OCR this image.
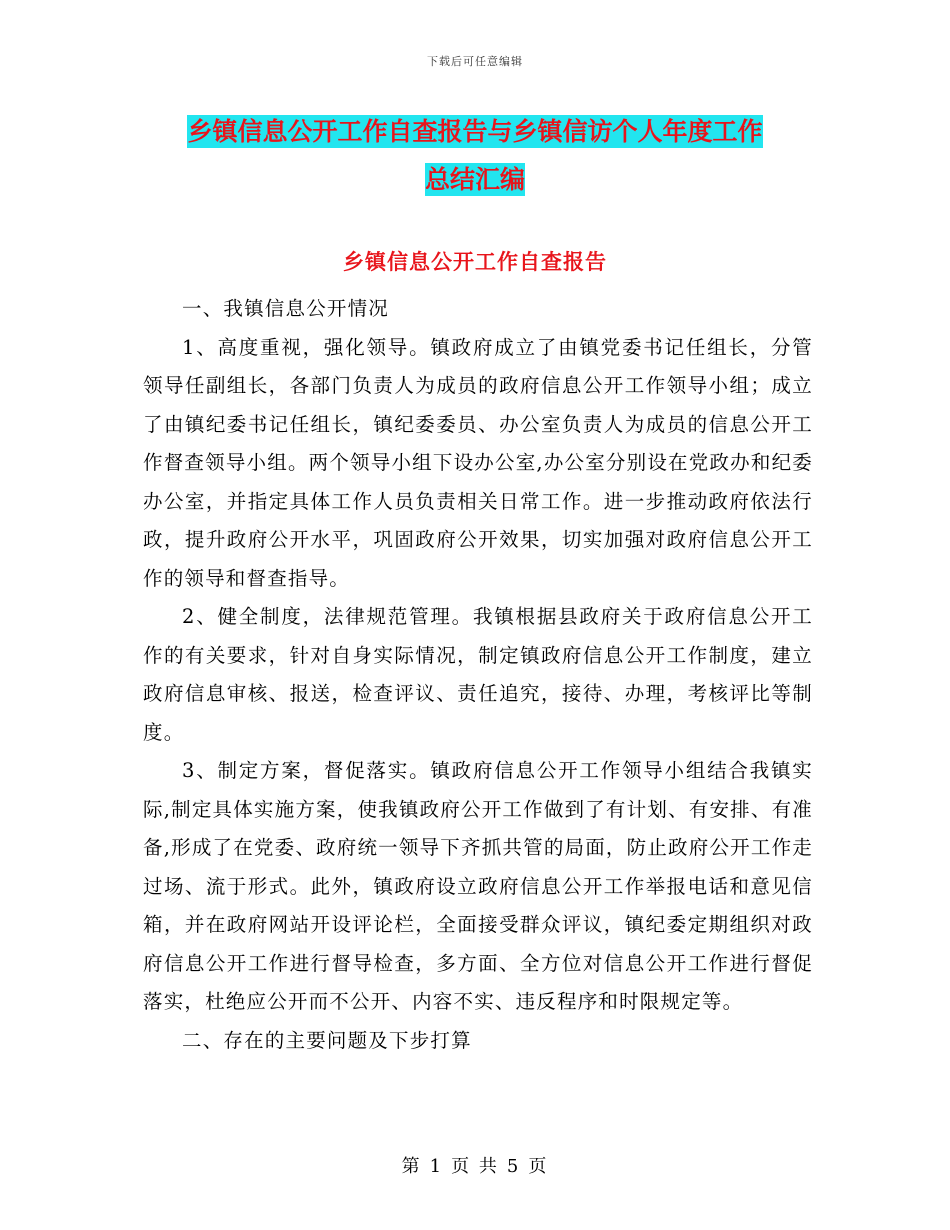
下载后可任意编辑
乡镇信息公开工作自查报告与乡镇信访个人年度工作
总结汇编
乡镇信息公开工作自查报告

一、我镇信息公开情况

1、高度重视，强化领导。镇政府成立了由镇党委书记任组长，分管领导任副组长，各部门负责人为成员的政府信息公开工作领导小组；成立了由镇纪委书记任组长，镇纪委委员、办公室负责人为成员的信息公开工作督查领导小组。两个领导小组下设办公室,办公室分别设在党政办和纪委办公室，并指定具体工作人员负责相关日常工作。进一步推动政府依法行政，提升政府公开水平，巩固政府公开效果，切实加强对政府信息公开工作的领导和督查指导。

2、健全制度，法律规范管理。我镇根据县政府关于政府信息公开工作的有关要求，针对自身实际情况，制定镇政府信息公开工作制度，建立政府信息审核、报送，检查评议、责任追究，接待、办理，考核评比等制度。

3、制定方案，督促落实。镇政府信息公开工作领导小组结合我镇实际,制定具体实施方案，使我镇政府公开工作做到了有计划、有安排、有准备,形成了在党委、政府统一领导下齐抓共管的局面，防止政府公开工作走过场、流于形式。此外，镇政府设立政府信息公开工作举报电话和意见信箱，并在政府网站开设评论栏，全面接受群众评议，镇纪委定期组织对政府信息公开工作进行督导检查，多方面、全方位对信息公开工作进行督促落实，杜绝应公开而不公开、内容不实、违反程序和时限规定等。

二、存在的主要问题及下步打算

第 1 页 共 5 页
